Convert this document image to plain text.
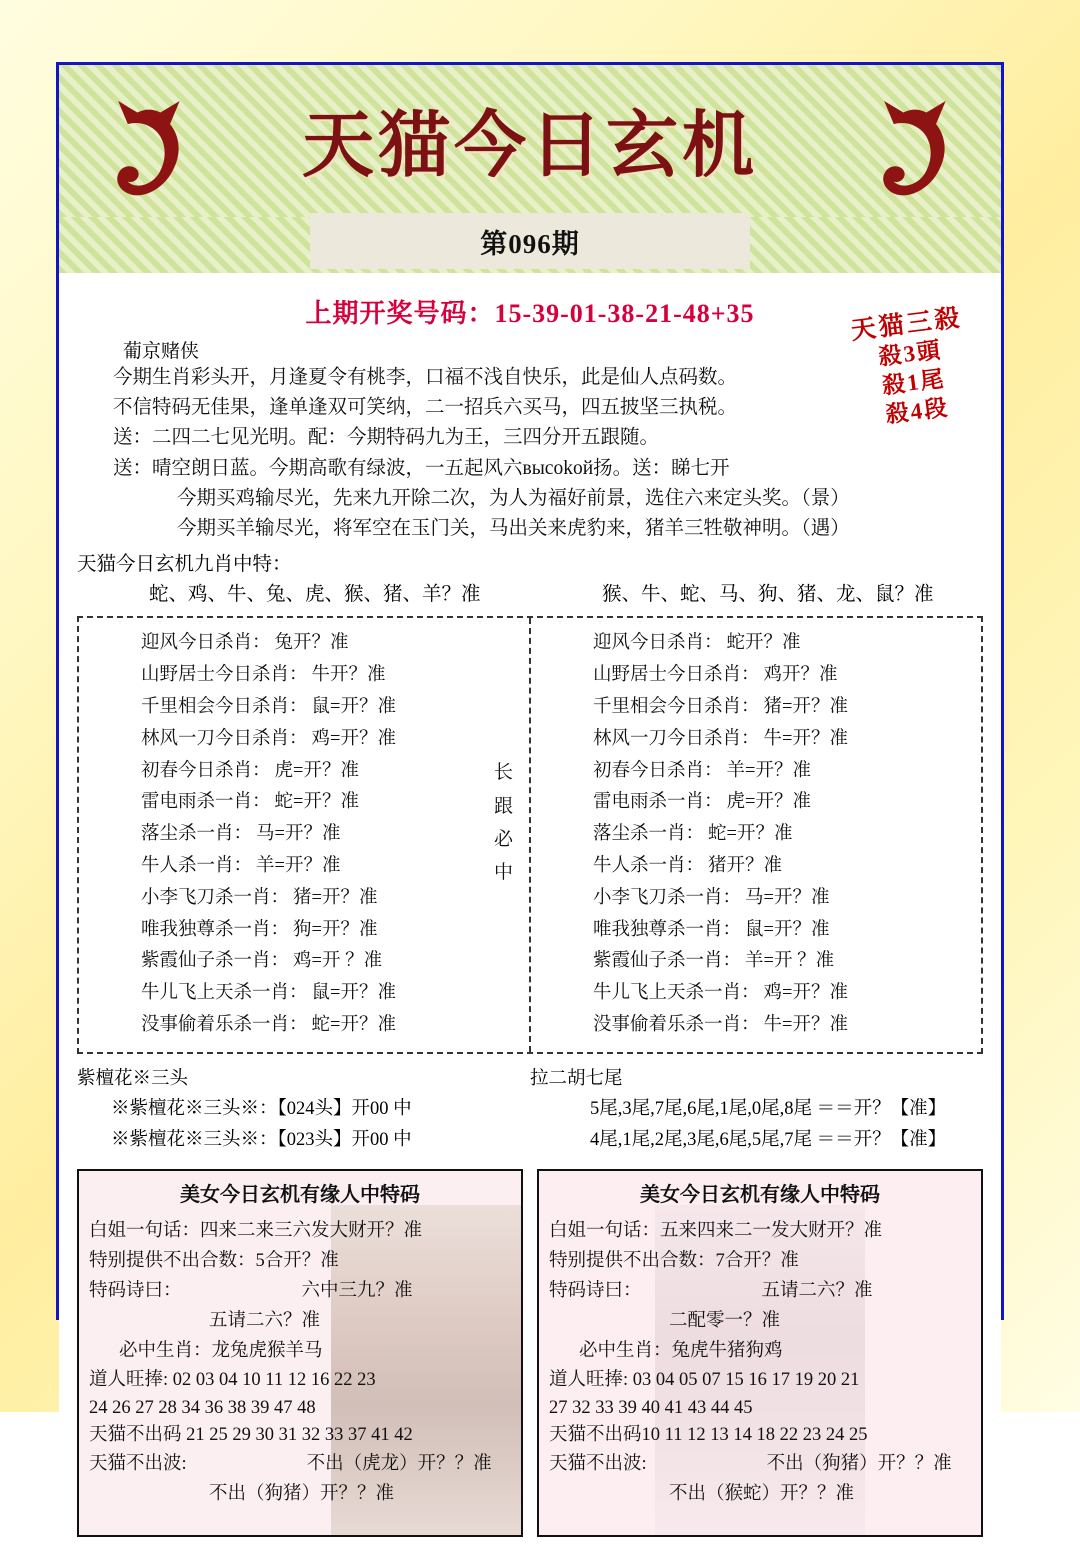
天猫今日玄机
第096期
上期开奖号码：15-39-01-38-21-48+35	天猫三殺
殺3頭
殺1尾
殺4段
葡京赌侠
今期生肖彩头开，月逢夏令有桃李，口福不浅自快乐，此是仙人点码数。
不信特码无佳果，逢单逢双可笑纳，二一招兵六买马，四五披坚三执税。
送：二四二七见光明。配：今期特码九为王，三四分开五跟随。
送：晴空朗日蓝。今期高歌有绿波，一五起风六высokой扬。送：睇七开
今期买鸡输尽光，先来九开除二次，为人为福好前景，选住六来定头奖。（景）
今期买羊输尽光，将军空在玉门关，马出关来虎豹来，猪羊三牲敬神明。（遇）
天猫今日玄机九肖中特：
蛇、鸡、牛、兔、虎、猴、猪、羊？准	猴、牛、蛇、马、狗、猪、龙、鼠？准
迎风今日杀肖： 兔开？准
山野居士今日杀肖： 牛开？准
千里相会今日杀肖： 鼠=开？准
林风一刀今日杀肖： 鸡=开？准
初春今日杀肖： 虎=开？准
雷电雨杀一肖： 蛇=开？准
落尘杀一肖： 马=开？准
牛人杀一肖： 羊=开？准
小李飞刀杀一肖： 猪=开？准
唯我独尊杀一肖： 狗=开？准
紫霞仙子杀一肖： 鸡=开 ？准
牛儿飞上天杀一肖： 鼠=开？准
没事偷着乐杀一肖： 蛇=开？准
长
跟
必
中
迎风今日杀肖： 蛇开？准
山野居士今日杀肖： 鸡开？准
千里相会今日杀肖： 猪=开？准
林风一刀今日杀肖： 牛=开？准
初春今日杀肖： 羊=开？准
雷电雨杀一肖： 虎=开？准
落尘杀一肖： 蛇=开？准
牛人杀一肖： 猪开？准
小李飞刀杀一肖： 马=开？准
唯我独尊杀一肖： 鼠=开？准
紫霞仙子杀一肖： 羊=开 ？准
牛儿飞上天杀一肖： 鸡=开？准
没事偷着乐杀一肖： 牛=开？准
紫檀花※三头
※紫檀花※三头※：【024头】开00 中
※紫檀花※三头※：【023头】开00 中
拉二胡七尾
5尾,3尾,7尾,6尾,1尾,0尾,8尾 ＝＝开？【准】
4尾,1尾,2尾,3尾,6尾,5尾,7尾 ＝＝开？【准】
美女今日玄机有缘人中特码
白姐一句话：四来二来三六发大财开？准
特别提供不出合数：5合开？准
特码诗曰：	六中三九？准
五请二六？准
必中生肖：龙兔虎猴羊马
道人旺捧: 02 03 04 10 11 12 16 22 23
24 26 27 28 34 36 38 39 47 48
天猫不出码 21 25 29 30 31 32 33 37 41 42
天猫不出波:	不出（虎龙）开？？准
不出（狗猪）开？？准
美女今日玄机有缘人中特码
白姐一句话：五来四来二一发大财开？准
特别提供不出合数：7合开？准
特码诗曰：	五请二六？准
二配零一？准
必中生肖：兔虎牛猪狗鸡
道人旺捧: 03 04 05 07 15 16 17 19 20 21
27 32 33 39 40 41 43 44 45
天猫不出码10 11 12 13 14 18 22 23 24 25
天猫不出波:	不出（狗猪）开？？准
不出（猴蛇）开？？准
